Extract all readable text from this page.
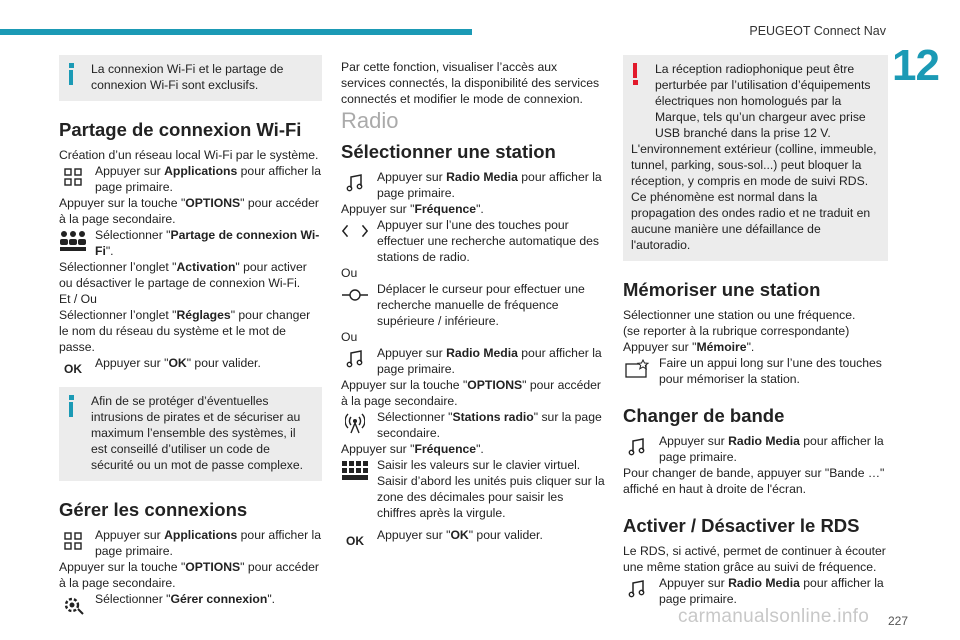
PEUGEOT Connect Nav
12
La connexion Wi-Fi et le partage de connexion Wi-Fi sont exclusifs.
Partage de connexion Wi-Fi

Création d’un réseau local Wi-Fi par le système.

Appuyer sur Applications pour afficher la page primaire.

Appuyer sur la touche "OPTIONS" pour accéder à la page secondaire.

Sélectionner "Partage de connexion Wi-Fi".

Sélectionner l’onglet "Activation" pour activer ou désactiver le partage de connexion Wi-Fi.

Et / Ou

Sélectionner l’onglet "Réglages" pour changer le nom du réseau du système et le mot de passe.

OK	Appuyer sur "OK" pour valider.
Afin de se protéger d’éventuelles intrusions de pirates et de sécuriser au maximum l’ensemble des systèmes, il est conseillé d’utiliser un code de sécurité ou un mot de passe complexe.
Gérer les connexions
Appuyer sur Applications pour afficher la page primaire.

Appuyer sur la touche "OPTIONS" pour accéder à la page secondaire.

Sélectionner "Gérer connexion".

Par cette fonction, visualiser l’accès aux services connectés, la disponibilité des services connectés et modifier le mode de connexion.

Radio
Sélectionner une station
Appuyer sur Radio Media pour afficher la page primaire.

Appuyer sur "Fréquence".

Appuyer sur l’une des touches pour effectuer une recherche automatique des stations de radio.

Ou

Déplacer le curseur pour effectuer une recherche manuelle de fréquence supérieure / inférieure.

Ou

Appuyer sur Radio Media pour afficher la page primaire.

Appuyer sur la touche "OPTIONS" pour accéder à la page secondaire.

Sélectionner "Stations radio" sur la page secondaire.

Appuyer sur "Fréquence".

Saisir les valeurs sur le clavier virtuel. Saisir d’abord les unités puis cliquer sur la zone des décimales pour saisir les chiffres après la virgule.
OK	Appuyer sur "OK" pour valider.
La réception radiophonique peut être perturbée par l’utilisation d’équipements électriques non homologués par la Marque, tels qu’un chargeur avec prise USB branché dans la prise 12 V.
L'environnement extérieur (colline, immeuble, tunnel, parking, sous-sol...) peut bloquer la réception, y compris en mode de suivi RDS. Ce phénomène est normal dans la propagation des ondes radio et ne traduit en aucune manière une défaillance de l'autoradio.
Mémoriser une station

Sélectionner une station ou une fréquence.

(se reporter à la rubrique correspondante)

Appuyer sur "Mémoire".

Faire un appui long sur l’une des touches pour mémoriser la station.
Changer de bande
Appuyer sur Radio Media pour afficher la page primaire.

Pour changer de bande, appuyer sur "Bande …" affiché en haut à droite de l'écran.

Activer / Désactiver le RDS

Le RDS, si activé, permet de continuer à écouter une même station grâce au suivi de fréquence.

Appuyer sur Radio Media pour afficher la page primaire.
carmanualsonline.info 227
